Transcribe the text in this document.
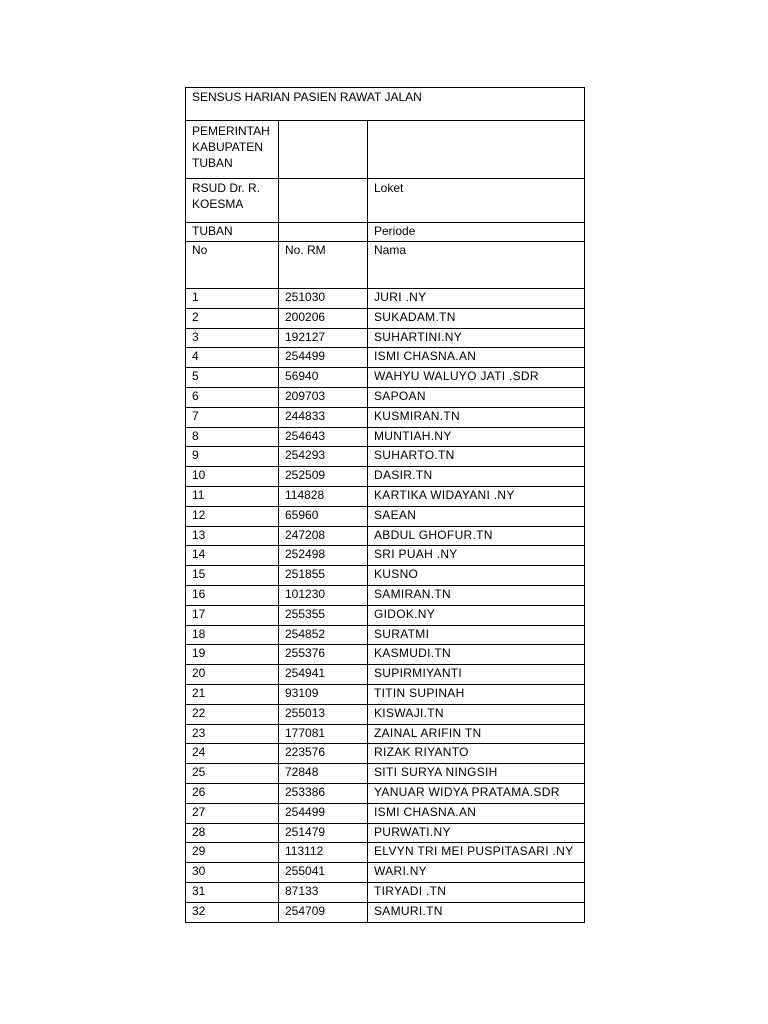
SENSUS HARIAN PASIEN RAWAT JALAN		
PEMERINTAH KABUPATEN TUBAN		
RSUD Dr. R. KOESMA		Loket
TUBAN		Periode
No	No. RM	Nama
1	251030	JURI .NY
2	200206	SUKADAM.TN
3	192127	SUHARTINI.NY
4	254499	ISMI CHASNA.AN
5	56940	WAHYU WALUYO JATI .SDR
6	209703	SAPOAN
7	244833	KUSMIRAN.TN
8	254643	MUNTIAH.NY
9	254293	SUHARTO.TN
10	252509	DASIR.TN
11	114828	KARTIKA WIDAYANI .NY
12	65960	SAEAN
13	247208	ABDUL GHOFUR.TN
14	252498	SRI PUAH .NY
15	251855	KUSNO
16	101230	SAMIRAN.TN
17	255355	GIDOK.NY
18	254852	SURATMI
19	255376	KASMUDI.TN
20	254941	SUPIRMIYANTI
21	93109	TITIN SUPINAH
22	255013	KISWAJI.TN
23	177081	ZAINAL ARIFIN TN
24	223576	RIZAK RIYANTO
25	72848	SITI SURYA NINGSIH
26	253386	YANUAR WIDYA PRATAMA.SDR
27	254499	ISMI CHASNA.AN
28	251479	PURWATI.NY
29	113112	ELVYN TRI MEI PUSPITASARI .NY
30	255041	WARI.NY
31	87133	TIRYADI .TN
32	254709	SAMURI.TN
